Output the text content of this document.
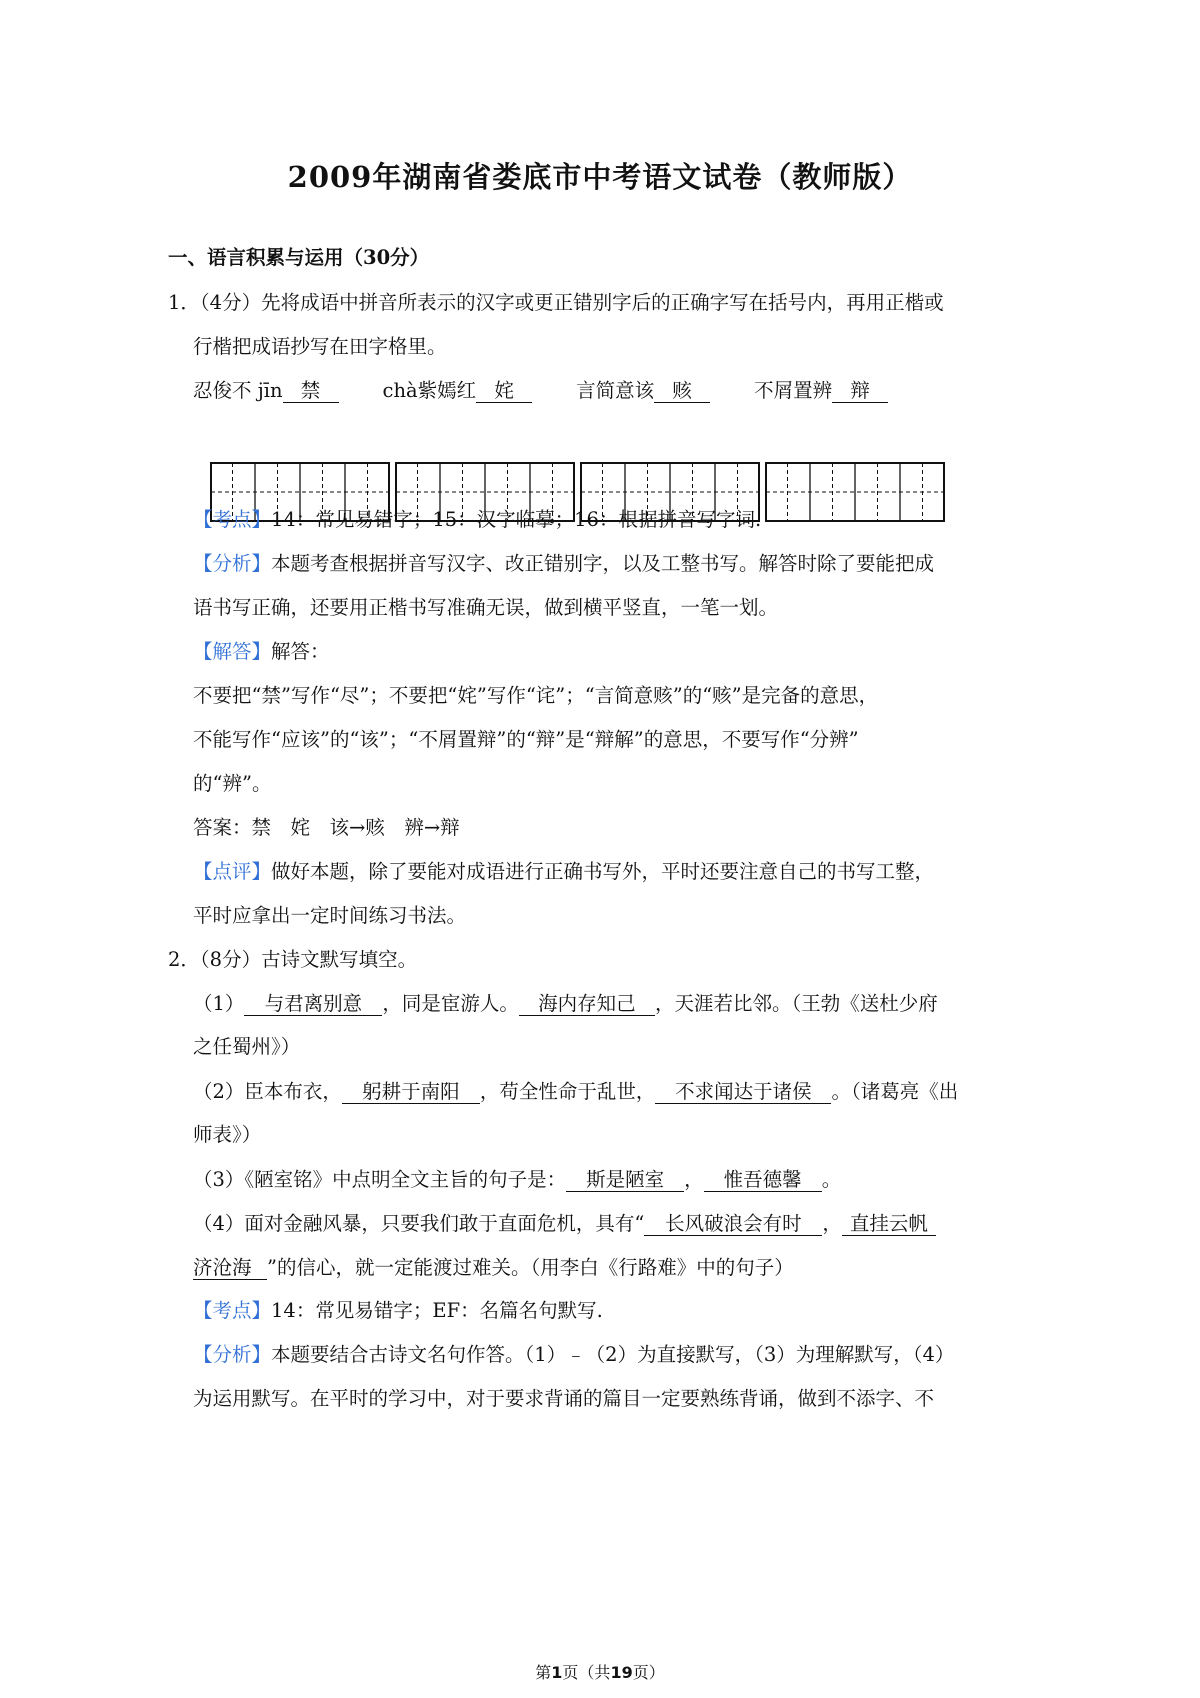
2009年湖南省娄底市中考语文试卷（教师版）
一、语言积累与运用（30分）
1．（4分）先将成语中拼音所表示的汉字或更正错别字后的正确字写在括号内，再用正楷或
行楷把成语抄写在田字格里。
忍俊不 jīn 禁	chà紫嫣红 姹	言简意该 赅	不屑置辨 辩
【考点】14：常见易错字；15：汉字临摹；16：根据拼音写字词.
【分析】本题考查根据拼音写汉字、改正错别字，以及工整书写。解答时除了要能把成
语书写正确，还要用正楷书写准确无误，做到横平竖直，一笔一划。
【解答】解答：
不要把“禁”写作“尽”；不要把“姹”写作“诧”；“言简意赅”的“赅”是完备的意思，
不能写作“应该”的“该”；“不屑置辩”的“辩”是“辩解”的意思，不要写作“分辨”
的“辨”。
答案：禁　姹　该→赅　辨→辩
【点评】做好本题，除了要能对成语进行正确书写外，平时还要注意自己的书写工整，
平时应拿出一定时间练习书法。
2．（8分）古诗文默写填空。
（1） 与君离别意 ，同是宦游人。 海内存知己 ，天涯若比邻。（王勃《送杜少府
之任蜀州》）
（2）臣本布衣， 躬耕于南阳 ，苟全性命于乱世， 不求闻达于诸侯 。（诸葛亮《出
师表》）
（3）《陋室铭》中点明全文主旨的句子是： 斯是陋室 ， 惟吾德馨 。
（4）面对金融风暴，只要我们敢于直面危机，具有“ 长风破浪会有时 ， 直挂云帆
济沧海 ”的信心，就一定能渡过难关。（用李白《行路难》中的句子）
【考点】14：常见易错字；EF：名篇名句默写.
【分析】本题要结合古诗文名句作答。（1）﹣（2）为直接默写，（3）为理解默写，（4）
为运用默写。在平时的学习中，对于要求背诵的篇目一定要熟练背诵，做到不添字、不
第1页（共19页）
